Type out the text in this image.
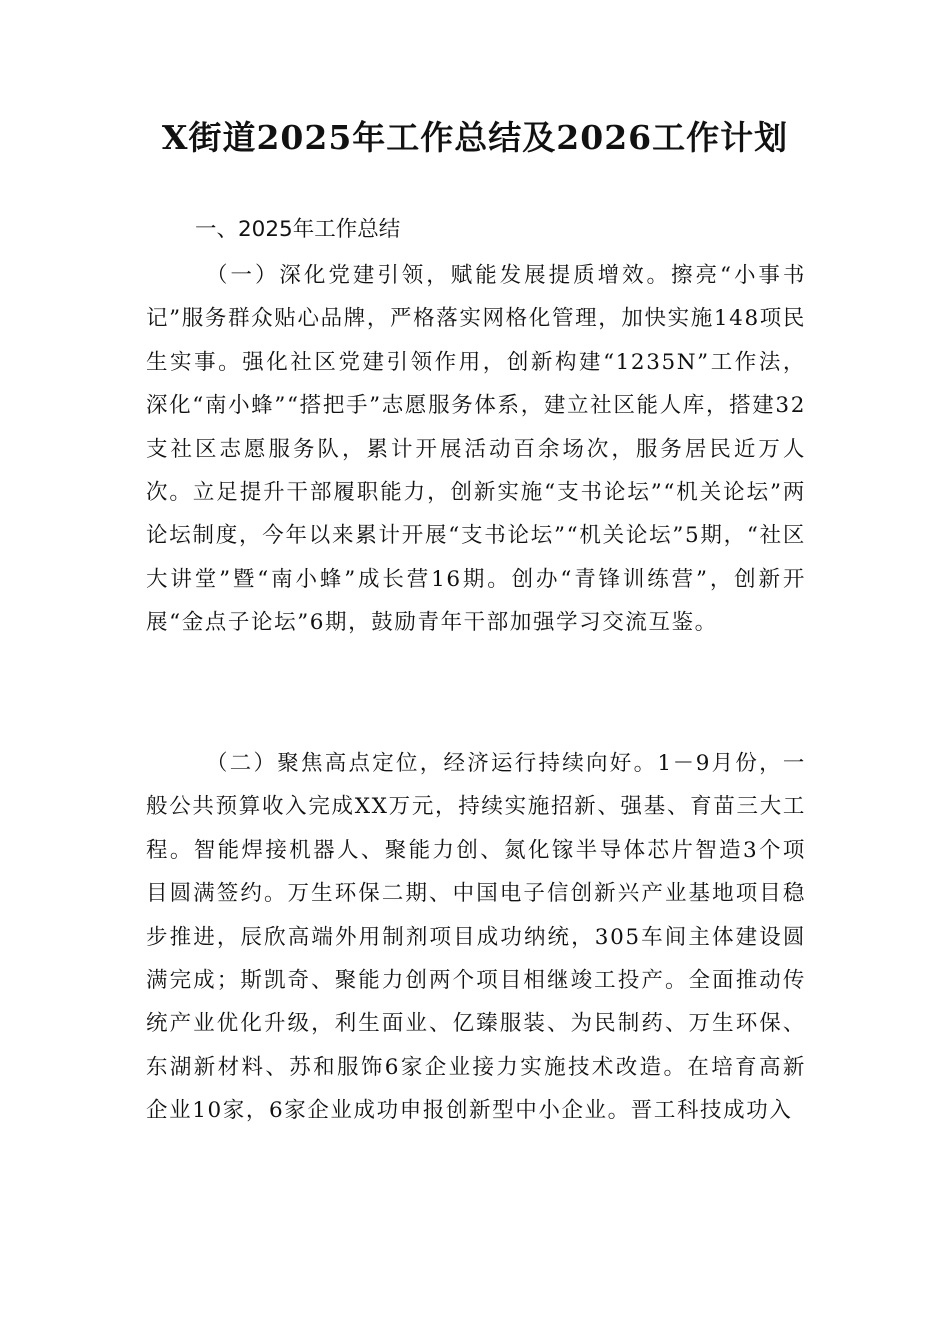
X街道2025年工作总结及2026工作计划

一、2025年工作总结

（一）深化党建引领，赋能发展提质增效。擦亮“小事书记”服务群众贴心品牌，严格落实网格化管理，加快实施148项民生实事。强化社区党建引领作用，创新构建“1235N”工作法，深化“南小蜂”“搭把手”志愿服务体系，建立社区能人库，搭建32支社区志愿服务队，累计开展活动百余场次，服务居民近万人次。立足提升干部履职能力，创新实施“支书论坛”“机关论坛”两论坛制度，今年以来累计开展“支书论坛”“机关论坛”5期，“社区大讲堂”暨“南小蜂”成长营16期。创办“青锋训练营”，创新开展“金点子论坛”6期，鼓励青年干部加强学习交流互鉴。

（二）聚焦高点定位，经济运行持续向好。1－9月份，一般公共预算收入完成XX万元，持续实施招新、强基、育苗三大工程。智能焊接机器人、聚能力创、氮化镓半导体芯片智造3个项目圆满签约。万生环保二期、中国电子信创新兴产业基地项目稳步推进，辰欣高端外用制剂项目成功纳统，305车间主体建设圆满完成；斯凯奇、聚能力创两个项目相继竣工投产。全面推动传统产业优化升级，利生面业、亿臻服装、为民制药、万生环保、东湖新材料、苏和服饰6家企业接力实施技术改造。在培育高新企业10家，6家企业成功申报创新型中小企业。晋工科技成功入
